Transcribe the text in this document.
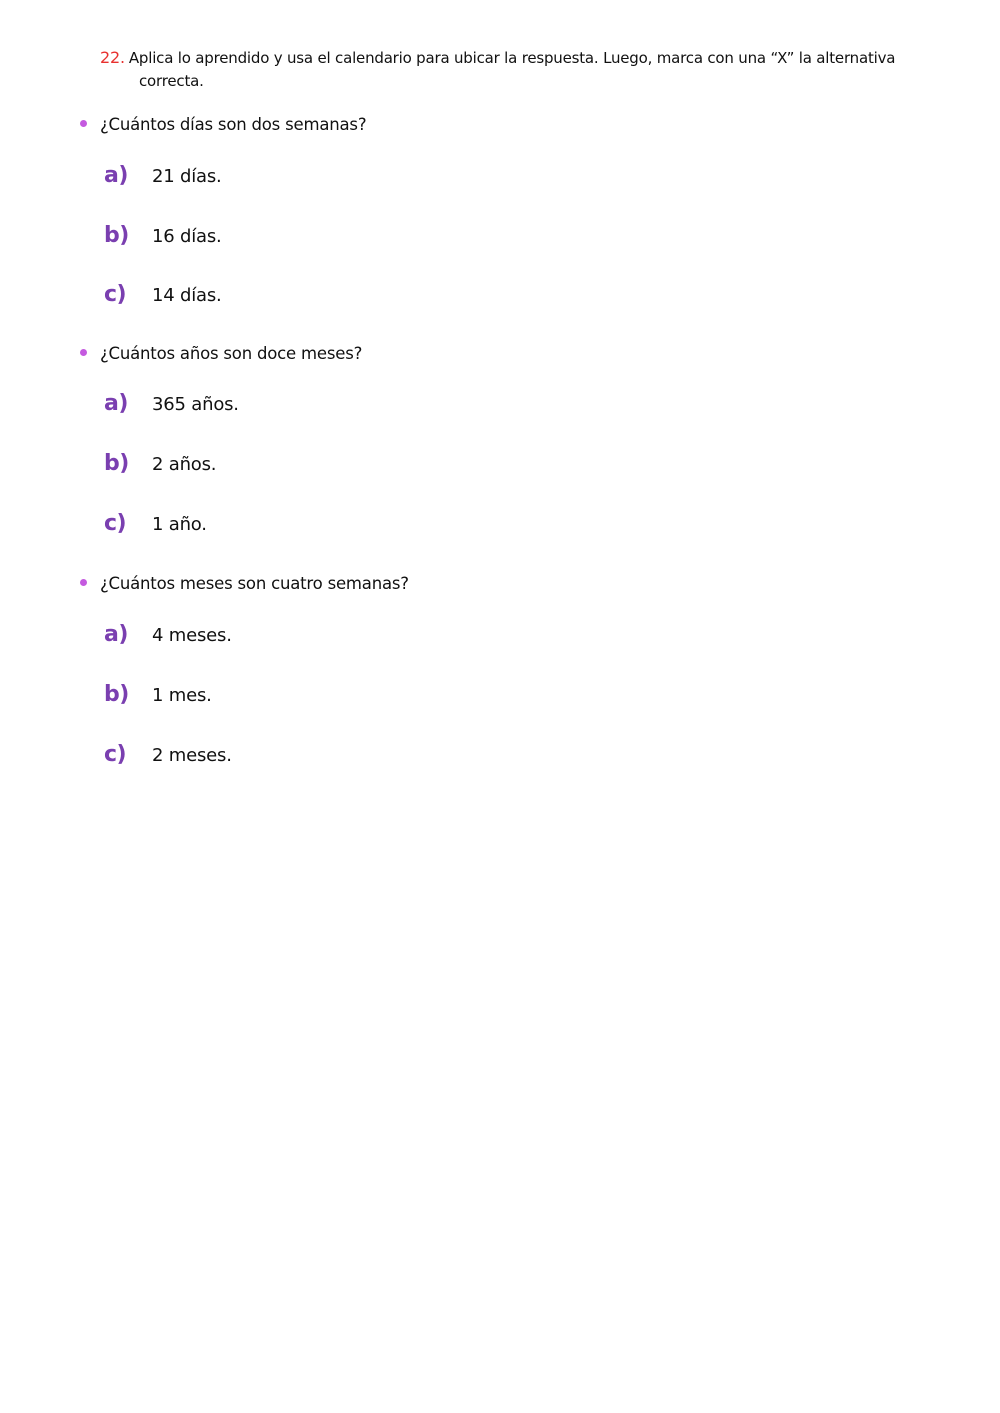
22. Aplica lo aprendido y usa el calendario para ubicar la respuesta. Luego, marca con una “X” la alternativa
correcta.
¿Cuántos días son dos semanas?
a)	21 días.
b)	16 días.
c)	14 días.
¿Cuántos años son doce meses?
a)	365 años.
b)	2 años.
c)	1 año.
¿Cuántos meses son cuatro semanas?
a)	4 meses.
b)	1 mes.
c)	2 meses.
